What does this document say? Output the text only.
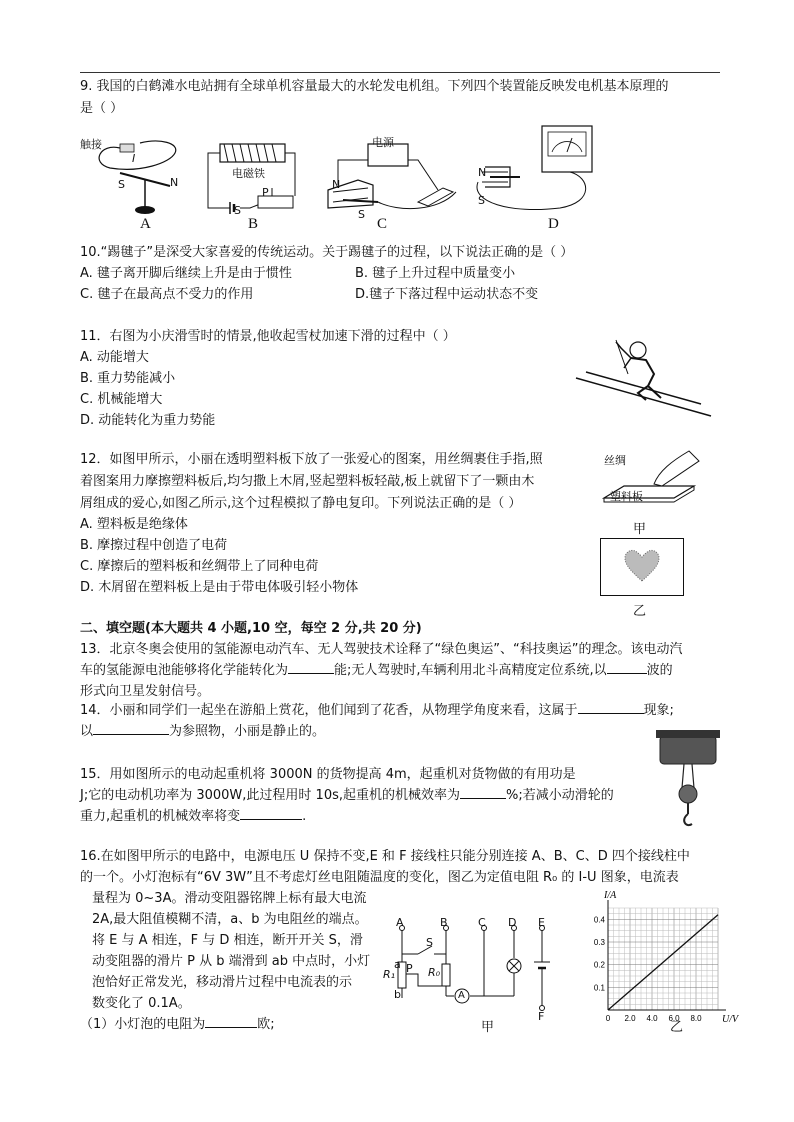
9. 我国的白鹤滩水电站拥有全球单机容量最大的水轮发电机组。下列四个装置能反映发电机基本原理的
是（ ）
触接
I
S	N
A
电磁铁
P
S
B
电源
N
S
C
N
S
D
10.“踢毽子”是深受大家喜爱的传统运动。关于踢毽子的过程，以下说法正确的是（ ）
A. 毽子离开脚后继续上升是由于惯性	B. 毽子上升过程中质量变小
C. 毽子在最高点不受力的作用	D.毽子下落过程中运动状态不变
11．右图为小庆滑雪时的情景,他收起雪杖加速下滑的过程中（ ）
A. 动能增大
B. 重力势能减小
C. 机械能增大
D. 动能转化为重力势能
12．如图甲所示，小丽在透明塑料板下放了一张爱心的图案，用丝绸裹住手指,照
着图案用力摩擦塑料板后,均匀撒上木屑,竖起塑料板轻敲,板上就留下了一颗由木
屑组成的爱心,如图乙所示,这个过程模拟了静电复印。下列说法正确的是（ ）
A. 塑料板是绝缘体
B. 摩擦过程中创造了电荷
C. 摩擦后的塑料板和丝绸带上了同种电荷
D. 木屑留在塑料板上是由于带电体吸引轻小物体
丝绸
塑料板
甲
乙
二、填空题(本大题共 4 小题,10 空，每空 2 分,共 20 分)
13．北京冬奥会使用的氢能源电动汽车、无人驾驶技术诠释了“绿色奥运”、“科技奥运”的理念。该电动汽
车的氢能源电池能够将化学能转化为	能;无人驾驶时,车辆利用北斗高精度定位系统,以	波的
形式向卫星发射信号。
14．小丽和同学们一起坐在游船上赏花，他们闻到了花香，从物理学角度来看，这属于	现象;
以	为参照物，小丽是静止的。
15．用如图所示的电动起重机将 3000N 的货物提高 4m，起重机对货物做的有用功是
J;它的电动机功率为 3000W,此过程用时 10s,起重机的机械效率为	%;若减小动滑轮的
重力,起重机的机械效率将变	.
16.在如图甲所示的电路中，电源电压 U 保持不变,E 和 F 接线柱只能分别连接 A、B、C、D 四个接线柱中
的一个。小灯泡标有“6V 3W”且不考虑灯丝电阻随温度的变化，图乙为定值电阻 R₀ 的 I-U 图象，电流表
量程为 0~3A。滑动变阻器铭牌上标有最大电流
2A,最大阻值模糊不清，a、b 为电阻丝的端点。
将 E 与 A 相连，F 与 D 相连，断开开关 S，滑
动变阻器的滑片 P 从 b 端滑到 ab 中点时，小灯
泡恰好正常发光，移动滑片过程中电流表的示
数变化了 0.1A。
（1）小灯泡的电阻为	欧;
A	B	C D E
F
S
P
R₁	R₀
A
a
b
甲
0 2.0 4.0 6.0 8.0
0.1
0.2
0.3
0.4
U/V
I/A
乙
